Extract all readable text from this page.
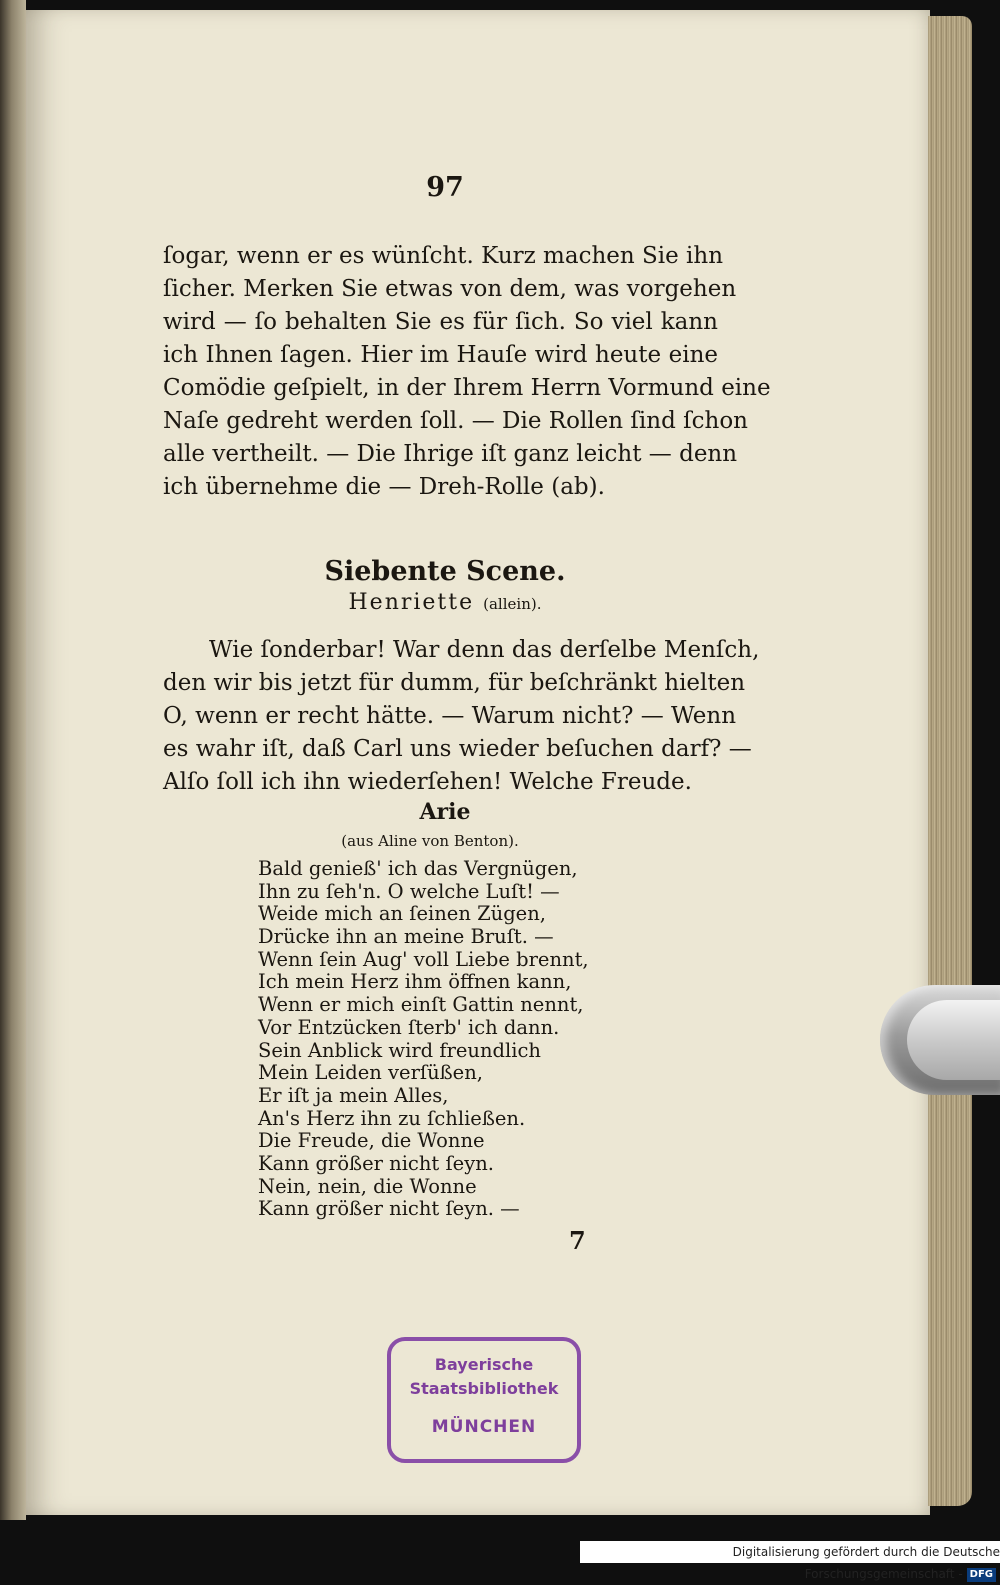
97
ſogar, wenn er es wünſcht. Kurz machen Sie ihn
ſicher. Merken Sie etwas von dem, was vorgehen
wird — ſo behalten Sie es für ſich. So viel kann
ich Ihnen ſagen. Hier im Hauſe wird heute eine
Comödie geſpielt, in der Ihrem Herrn Vormund eine
Naſe gedreht werden ſoll. — Die Rollen ſind ſchon
alle vertheilt. — Die Ihrige iſt ganz leicht — denn
ich übernehme die — Dreh-Rolle (ab).
Siebente Scene.
Henriette (allein).
Wie ſonderbar! War denn das derſelbe Menſch,
den wir bis jetzt für dumm, für beſchränkt hielten
O, wenn er recht hätte. — Warum nicht? — Wenn
es wahr iſt, daß Carl uns wieder beſuchen darf? —
Alſo ſoll ich ihn wiederſehen! Welche Freude.
Arie
(aus Aline von Benton).
Bald genieß' ich das Vergnügen,
Ihn zu ſeh'n. O welche Luſt! —
Weide mich an ſeinen Zügen,
Drücke ihn an meine Bruſt. —
Wenn ſein Aug' voll Liebe brennt,
Ich mein Herz ihm öffnen kann,
Wenn er mich einſt Gattin nennt,
Vor Entzücken ſterb' ich dann.
Sein Anblick wird freundlich
Mein Leiden verſüßen,
Er iſt ja mein Alles,
An's Herz ihn zu ſchließen.
Die Freude, die Wonne
Kann größer nicht ſeyn.
Nein, nein, die Wonne
Kann größer nicht ſeyn. —
7
Bayerische
Staatsbibliothek
MÜNCHEN
Digitalisierung gefördert durch die Deutsche Forschungsgemeinschaft - DFG
